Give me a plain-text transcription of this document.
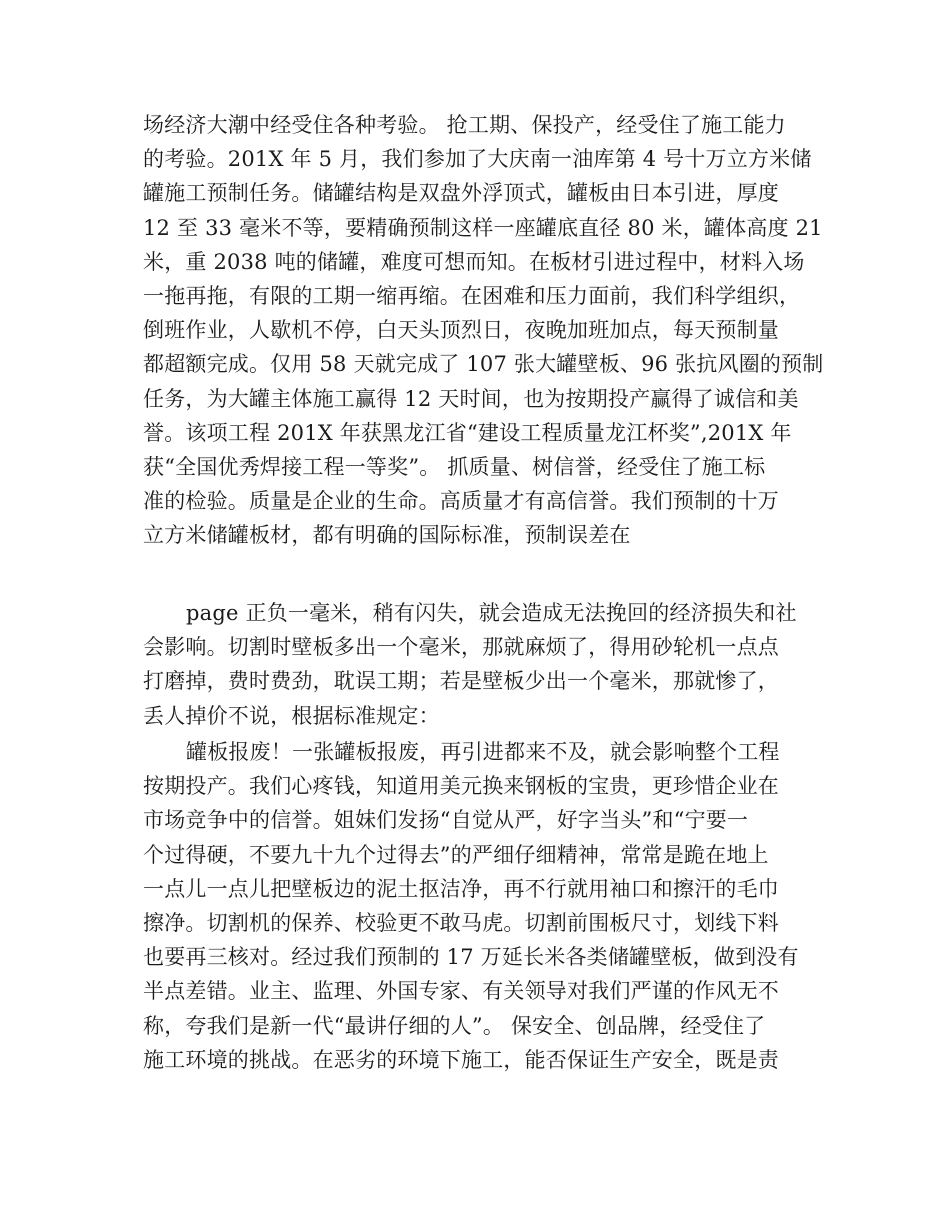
场经济大潮中经受住各种考验。 抢工期、保投产，经受住了施工能力
的考验。201X 年 5 月，我们参加了大庆南一油库第 4 号十万立方米储
罐施工预制任务。储罐结构是双盘外浮顶式，罐板由日本引进，厚度
12 至 33 毫米不等，要精确预制这样一座罐底直径 80 米，罐体高度 21
米，重 2038 吨的储罐，难度可想而知。在板材引进过程中，材料入场
一拖再拖，有限的工期一缩再缩。在困难和压力面前，我们科学组织，
倒班作业，人歇机不停，白天头顶烈日，夜晚加班加点，每天预制量
都超额完成。仅用 58 天就完成了 107 张大罐壁板、96 张抗风圈的预制
任务，为大罐主体施工赢得 12 天时间，也为按期投产赢得了诚信和美
誉。该项工程 201X 年获黑龙江省“建设工程质量龙江杯奖”,201X 年
获“全国优秀焊接工程一等奖”。 抓质量、树信誉，经受住了施工标
准的检验。质量是企业的生命。高质量才有高信誉。我们预制的十万
立方米储罐板材，都有明确的国际标准，预制误差在
page 正负一毫米，稍有闪失，就会造成无法挽回的经济损失和社
会影响。切割时壁板多出一个毫米，那就麻烦了，得用砂轮机一点点
打磨掉，费时费劲，耽误工期；若是壁板少出一个毫米，那就惨了，
丢人掉价不说，根据标准规定：
罐板报废！一张罐板报废，再引进都来不及，就会影响整个工程
按期投产。我们心疼钱，知道用美元换来钢板的宝贵，更珍惜企业在
市场竞争中的信誉。姐妹们发扬“自觉从严，好字当头”和“宁要一
个过得硬，不要九十九个过得去”的严细仔细精神，常常是跪在地上
一点儿一点儿把壁板边的泥土抠洁净，再不行就用袖口和擦汗的毛巾
擦净。切割机的保养、校验更不敢马虎。切割前围板尺寸，划线下料
也要再三核对。经过我们预制的 17 万延长米各类储罐壁板，做到没有
半点差错。业主、监理、外国专家、有关领导对我们严谨的作风无不
称，夸我们是新一代“最讲仔细的人”。 保安全、创品牌，经受住了
施工环境的挑战。在恶劣的环境下施工，能否保证生产安全，既是责
